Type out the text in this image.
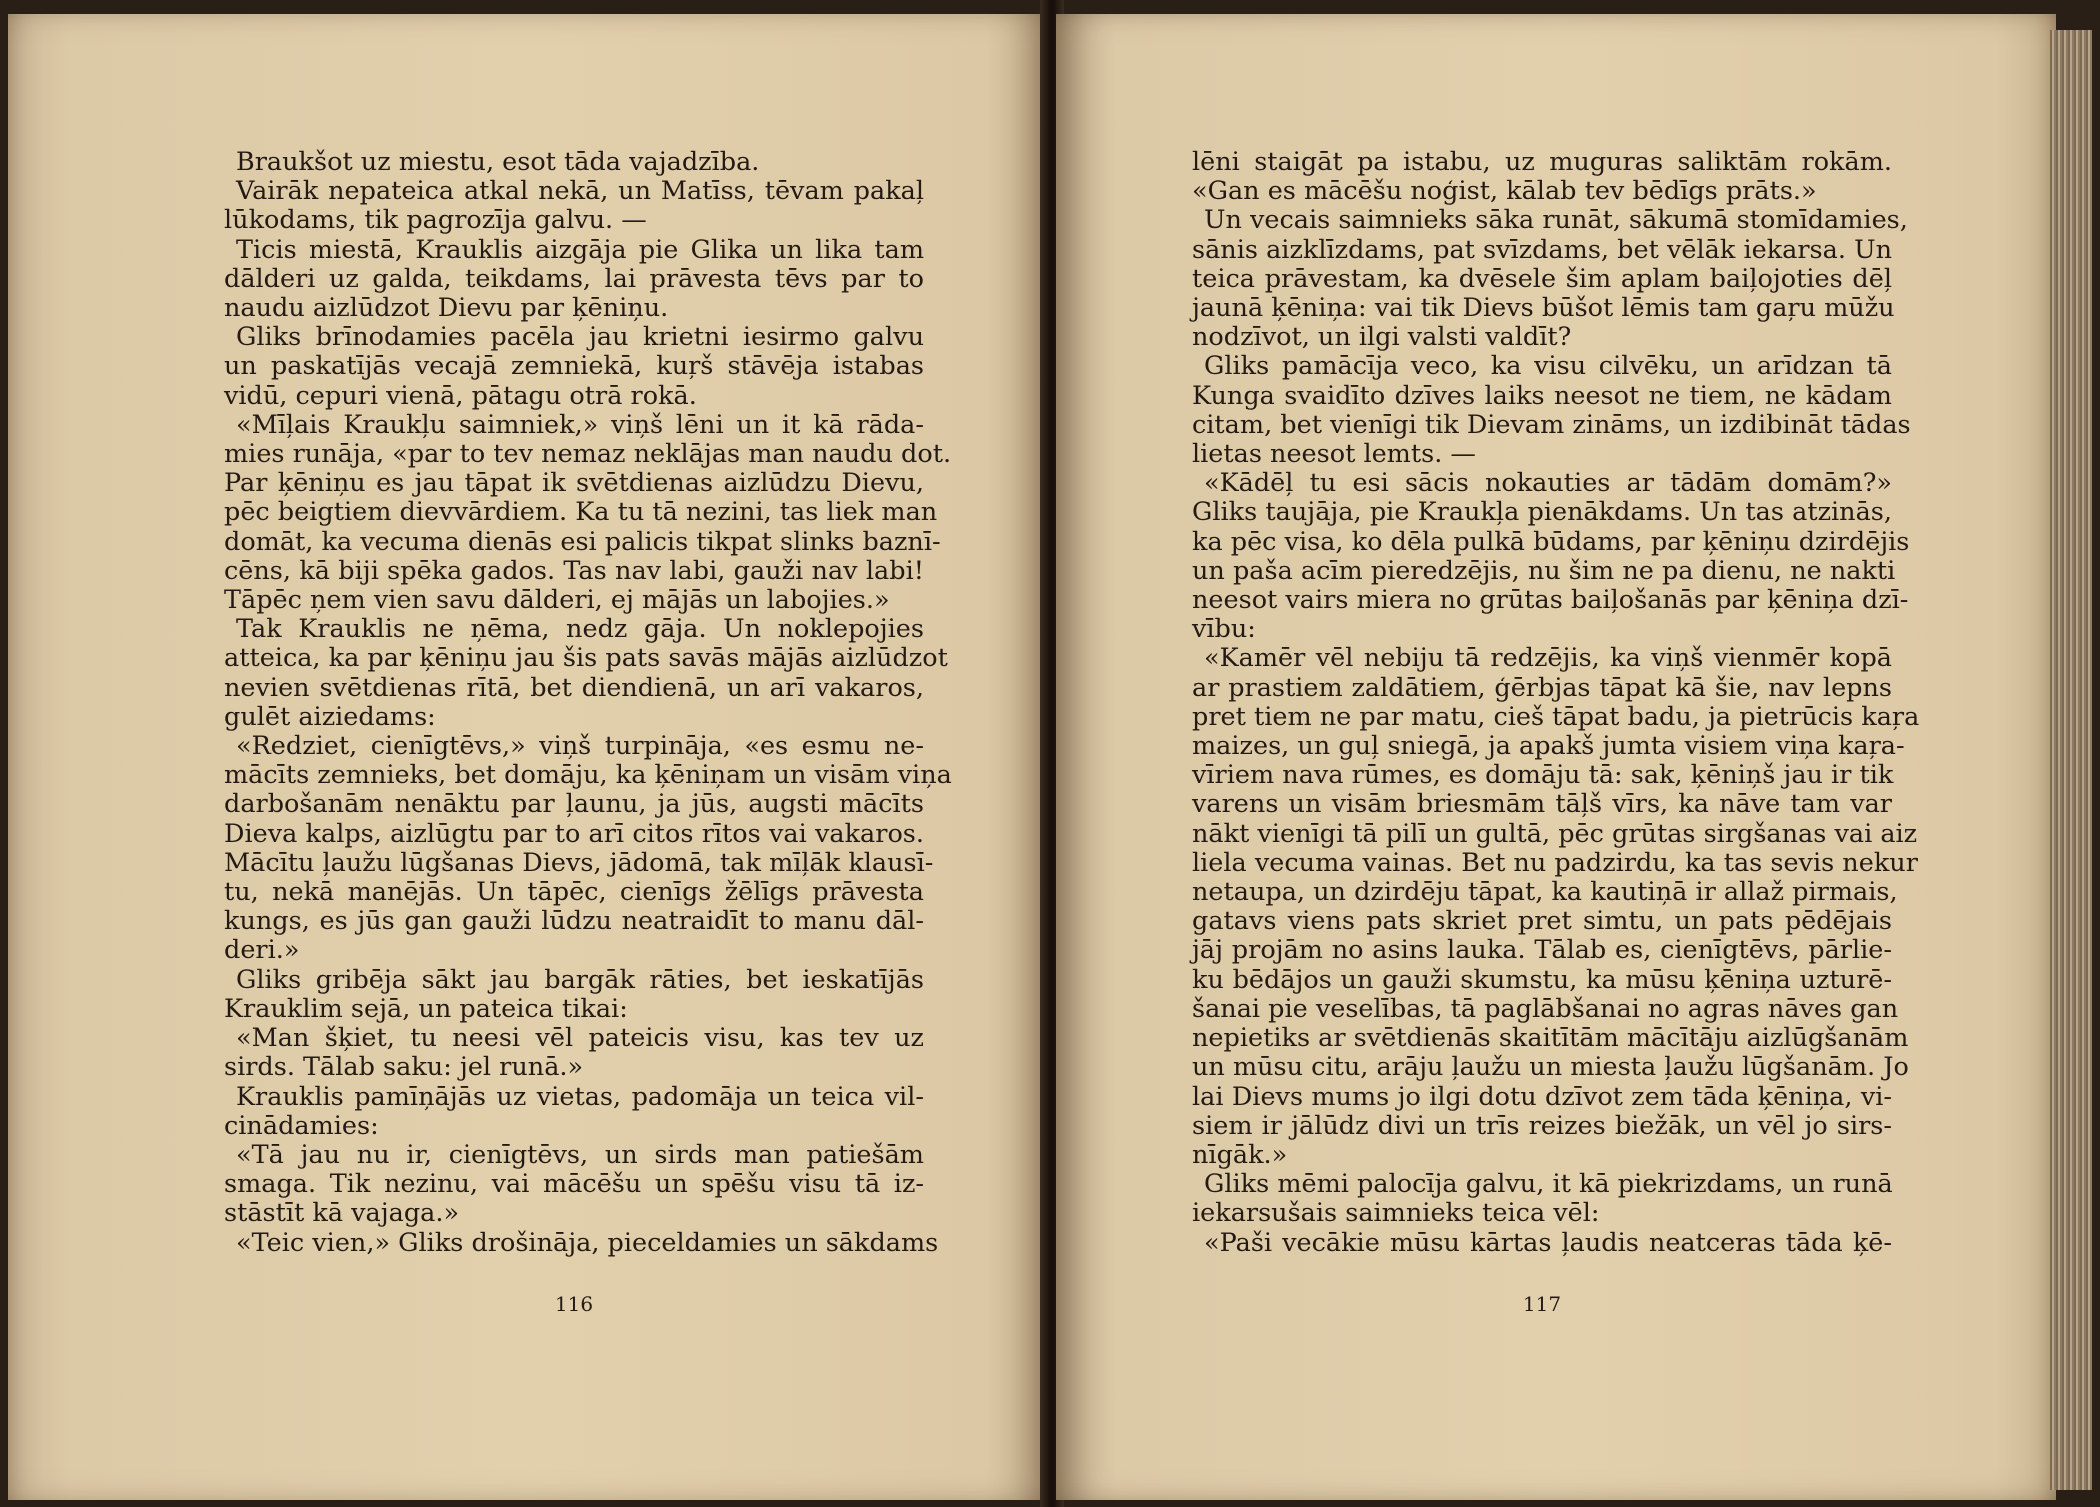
Braukšot uz miestu, esot tāda vajadzība.
Vairāk nepateica atkal nekā, un Matīss, tēvam pakaļ
lūkodams, tik pagrozīja galvu. —
Ticis miestā, Krauklis aizgāja pie Glika un lika tam
dālderi uz galda, teikdams, lai prāvesta tēvs par to
naudu aizlūdzot Dievu par ķēniņu.
Gliks brīnodamies pacēla jau krietni iesirmo galvu
un paskatījās vecajā zemniekā, kuŗš stāvēja istabas
vidū, cepuri vienā, pātagu otrā rokā.
«Mīļais Kraukļu saimniek,» viņš lēni un it kā rāda-
mies runāja, «par to tev nemaz neklājas man naudu dot.
Par ķēniņu es jau tāpat ik svētdienas aizlūdzu Dievu,
pēc beigtiem dievvārdiem. Ka tu tā nezini, tas liek man
domāt, ka vecuma dienās esi palicis tikpat slinks baznī-
cēns, kā biji spēka gados. Tas nav labi, gauži nav labi!
Tāpēc ņem vien savu dālderi, ej mājās un labojies.»
Tak Krauklis ne ņēma, nedz gāja. Un noklepojies
atteica, ka par ķēniņu jau šis pats savās mājās aizlūdzot
nevien svētdienas rītā, bet diendienā, un arī vakaros,
gulēt aiziedams:
«Redziet, cienīgtēvs,» viņš turpināja, «es esmu ne-
mācīts zemnieks, bet domāju, ka ķēniņam un visām viņa
darbošanām nenāktu par ļaunu, ja jūs, augsti mācīts
Dieva kalps, aizlūgtu par to arī citos rītos vai vakaros.
Mācītu ļaužu lūgšanas Dievs, jādomā, tak mīļāk klausī-
tu, nekā manējās. Un tāpēc, cienīgs žēlīgs prāvesta
kungs, es jūs gan gauži lūdzu neatraidīt to manu dāl-
deri.»
Gliks gribēja sākt jau bargāk rāties, bet ieskatījās
Krauklim sejā, un pateica tikai:
«Man šķiet, tu neesi vēl pateicis visu, kas tev uz
sirds. Tālab saku: jel runā.»
Krauklis pamīņājās uz vietas, padomāja un teica vil-
cinādamies:
«Tā jau nu ir, cienīgtēvs, un sirds man patiešām
smaga. Tik nezinu, vai mācēšu un spēšu visu tā iz-
stāstīt kā vajaga.»
«Teic vien,» Gliks drošināja, pieceldamies un sākdams
116
lēni staigāt pa istabu, uz muguras saliktām rokām.
«Gan es mācēšu noģist, kālab tev bēdīgs prāts.»
Un vecais saimnieks sāka runāt, sākumā stomīdamies,
sānis aizklīzdams, pat svīzdams, bet vēlāk iekarsa. Un
teica prāvestam, ka dvēsele šim aplam baiļojoties dēļ
jaunā ķēniņa: vai tik Dievs būšot lēmis tam gaŗu mūžu
nodzīvot, un ilgi valsti valdīt?
Gliks pamācīja veco, ka visu cilvēku, un arīdzan tā
Kunga svaidīto dzīves laiks neesot ne tiem, ne kādam
citam, bet vienīgi tik Dievam zināms, un izdibināt tādas
lietas neesot lemts. —
«Kādēļ tu esi sācis nokauties ar tādām domām?»
Gliks taujāja, pie Kraukļa pienākdams. Un tas atzinās,
ka pēc visa, ko dēla pulkā būdams, par ķēniņu dzirdējis
un paša acīm pieredzējis, nu šim ne pa dienu, ne nakti
neesot vairs miera no grūtas baiļošanās par ķēniņa dzī-
vību:
«Kamēr vēl nebiju tā redzējis, ka viņš vienmēr kopā
ar prastiem zaldātiem, ģērbjas tāpat kā šie, nav lepns
pret tiem ne par matu, cieš tāpat badu, ja pietrūcis kaŗa
maizes, un guļ sniegā, ja apakš jumta visiem viņa kaŗa-
vīriem nava rūmes, es domāju tā: sak, ķēniņš jau ir tik
varens un visām briesmām tāļš vīrs, ka nāve tam var
nākt vienīgi tā pilī un gultā, pēc grūtas sirgšanas vai aiz
liela vecuma vainas. Bet nu padzirdu, ka tas sevis nekur
netaupa, un dzirdēju tāpat, ka kautiņā ir allaž pirmais,
gatavs viens pats skriet pret simtu, un pats pēdējais
jāj projām no asins lauka. Tālab es, cienīgtēvs, pārlie-
ku bēdājos un gauži skumstu, ka mūsu ķēniņa uzturē-
šanai pie veselības, tā paglābšanai no agras nāves gan
nepietiks ar svētdienās skaitītām mācītāju aizlūgšanām
un mūsu citu, arāju ļaužu un miesta ļaužu lūgšanām. Jo
lai Dievs mums jo ilgi dotu dzīvot zem tāda ķēniņa, vi-
siem ir jālūdz divi un trīs reizes biežāk, un vēl jo sirs-
nīgāk.»
Gliks mēmi palocīja galvu, it kā piekrizdams, un runā
iekarsušais saimnieks teica vēl:
«Paši vecākie mūsu kārtas ļaudis neatceras tāda ķē-
117
